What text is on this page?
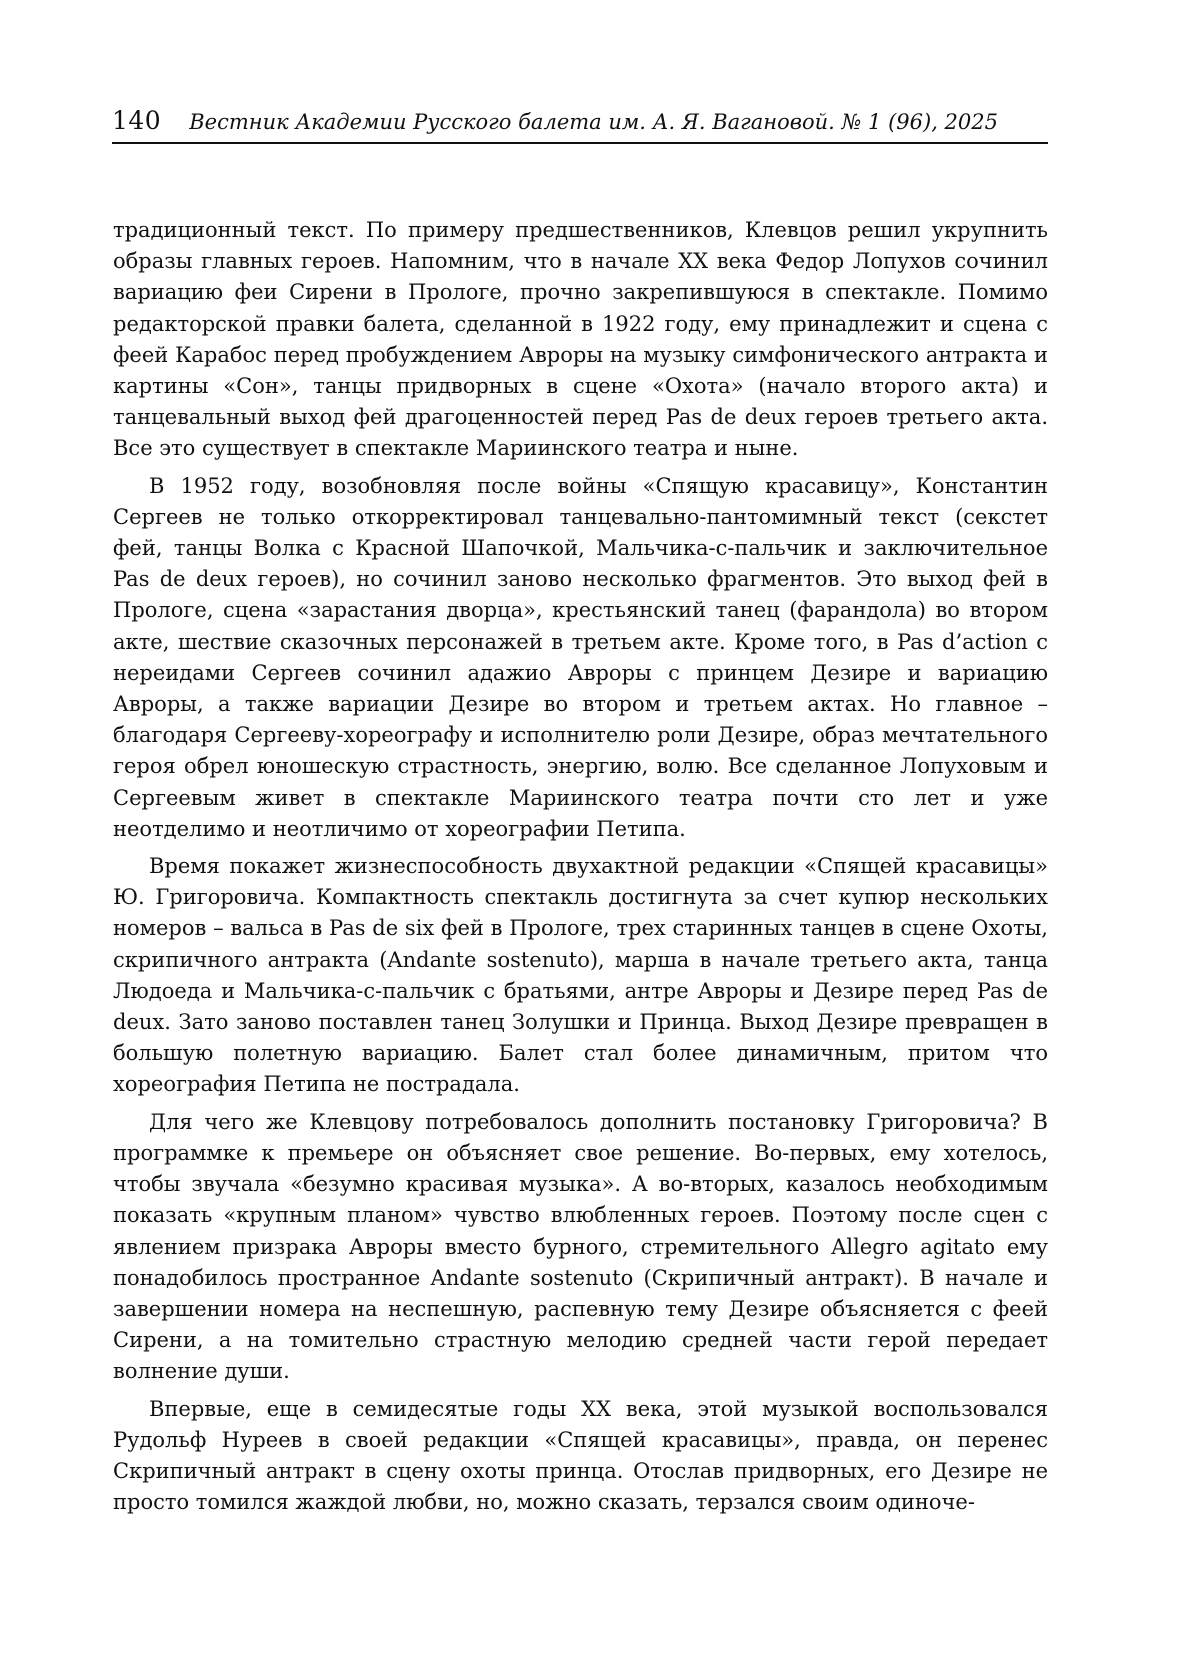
140 Вестник Академии Русского балета им. А. Я. Вагановой. № 1 (96), 2025

традиционный текст. По примеру предшественников, Клевцов решил укрупнить образы главных героев. Напомним, что в начале XX века Федор Лопухов сочинил вариацию феи Сирени в Прологе, прочно закрепившуюся в спектакле. Помимо редакторской правки балета, сделанной в 1922 году, ему принадлежит и сцена с феей Карабос перед пробуждением Авроры на музыку симфонического антракта и картины «Сон», танцы придворных в сцене «Охота» (начало второго акта) и танцевальный выход фей драгоценностей перед Pas de deux героев третьего акта. Все это существует в спектакле Мариинского театра и ныне.

В 1952 году, возобновляя после войны «Спящую красавицу», Константин Сергеев не только откорректировал танцевально-пантомимный текст (секстет фей, танцы Волка с Красной Шапочкой, Мальчика-с-пальчик и заключительное Pas de deux героев), но сочинил заново несколько фрагментов. Это выход фей в Прологе, сцена «зарастания дворца», крестьянский танец (фарандола) во втором акте, шествие сказочных персонажей в третьем акте. Кроме того, в Pas d’action с нереидами Сергеев сочинил адажио Авроры с принцем Дезире и вариацию Авроры, а также вариации Дезире во втором и третьем актах. Но главное – благодаря Сергееву-хореографу и исполнителю роли Дезире, образ мечтательного героя обрел юношескую страстность, энергию, волю. Все сделанное Лопуховым и Сергеевым живет в спектакле Мариинского театра почти сто лет и уже неотделимо и неотличимо от хореографии Петипа.

Время покажет жизнеспособность двухактной редакции «Спящей красавицы» Ю. Григоровича. Компактность спектакль достигнута за счет купюр нескольких номеров – вальса в Pas de six фей в Прологе, трех старинных танцев в сцене Охоты, скрипичного антракта (Andante sostenuto), марша в начале третьего акта, танца Людоеда и Мальчика-с-пальчик с братьями, антре Авроры и Дезире перед Pas de deux. Зато заново поставлен танец Золушки и Принца. Выход Дезире превращен в большую полетную вариацию. Балет стал более динамичным, притом что хореография Петипа не пострадала.

Для чего же Клевцову потребовалось дополнить постановку Григоровича? В программке к премьере он объясняет свое решение. Во-первых, ему хотелось, чтобы звучала «безумно красивая музыка». А во-вторых, казалось необходимым показать «крупным планом» чувство влюбленных героев. Поэтому после сцен с явлением призрака Авроры вместо бурного, стремительного Allegro agitato ему понадобилось пространное Andante sostenuto (Скрипичный антракт). В начале и завершении номера на неспешную, распевную тему Дезире объясняется с феей Сирени, а на томительно страстную мелодию средней части герой передает волнение души.

Впервые, еще в семидесятые годы XX века, этой музыкой воспользовался Рудольф Нуреев в своей редакции «Спящей красавицы», правда, он перенес Скрипичный антракт в сцену охоты принца. Отослав придворных, его Дезире не просто томился жаждой любви, но, можно сказать, терзался своим одиноче-
